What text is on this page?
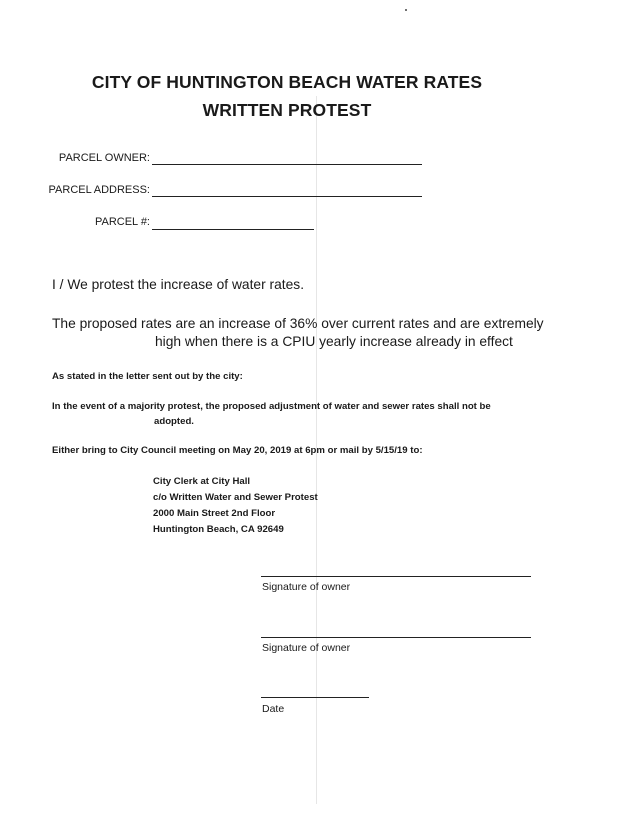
CITY OF HUNTINGTON BEACH WATER RATES
WRITTEN PROTEST
PARCEL OWNER:
PARCEL ADDRESS:
PARCEL #:
I / We protest the increase of water rates.
The proposed rates are an increase of 36% over current rates and are extremely
high when there is a CPIU yearly increase already in effect
As stated in the letter sent out by the city:
In the event of a majority protest, the proposed adjustment of water and sewer rates shall not be
adopted.
Either bring to City Council meeting on May 20, 2019 at 6pm or mail by 5/15/19 to:
City Clerk at City Hall
c/o Written Water and Sewer Protest
2000 Main Street 2nd Floor
Huntington Beach, CA 92649
Signature of owner
Signature of owner
Date
